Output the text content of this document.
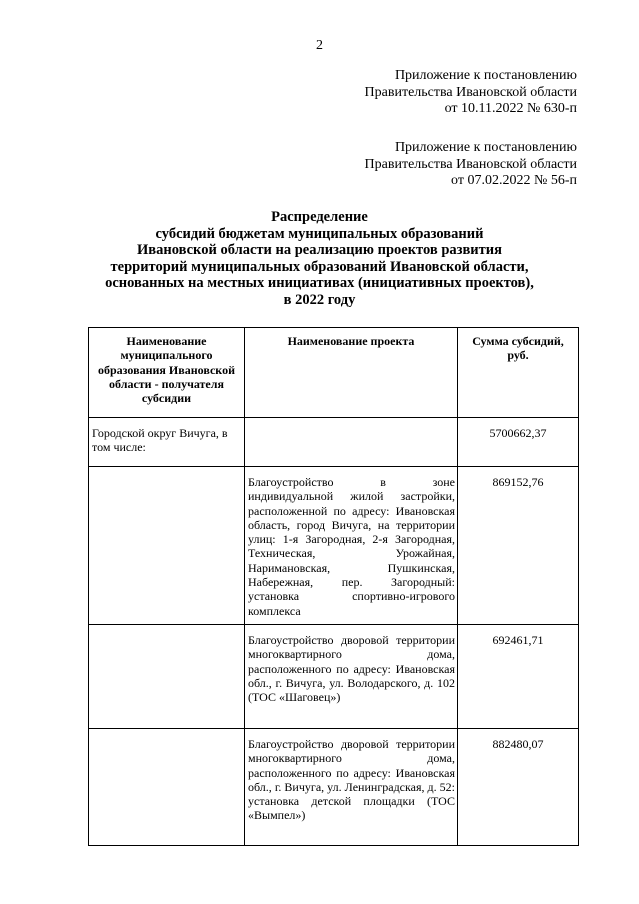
2
Приложение к постановлению
Правительства Ивановской области
от 10.11.2022 № 630-п
Приложение к постановлению
Правительства Ивановской области
от 07.02.2022 № 56-п
Распределение
субсидий бюджетам муниципальных образований
Ивановской области на реализацию проектов развития
территорий муниципальных образований Ивановской области,
основанных на местных инициативах (инициативных проектов),
в 2022 году
Наименование муниципального образования Ивановской области - получателя субсидии	Наименование проекта	Сумма субсидий, руб.

Городской округ Вичуга, в том числе:		5700662,37
	Благоустройство в зоне индивидуальной жилой застройки, расположенной по адресу: Ивановская область, город Вичуга, на территории улиц: 1-я Загородная, 2-я Загородная, Техническая, Урожайная, Наримановская, Пушкинская, Набережная, пер. Загородный: установка спортивно-игрового комплекса	869152,76
	Благоустройство дворовой территории многоквартирного дома, расположенного по адресу: Ивановская обл., г. Вичуга, ул. Володарского, д. 102 (ТОС «Шаговец»)	692461,71
	Благоустройство дворовой территории многоквартирного дома, расположенного по адресу: Ивановская обл., г. Вичуга, ул. Ленинградская, д. 52: установка детской площадки (ТОС «Вымпел»)	882480,07
